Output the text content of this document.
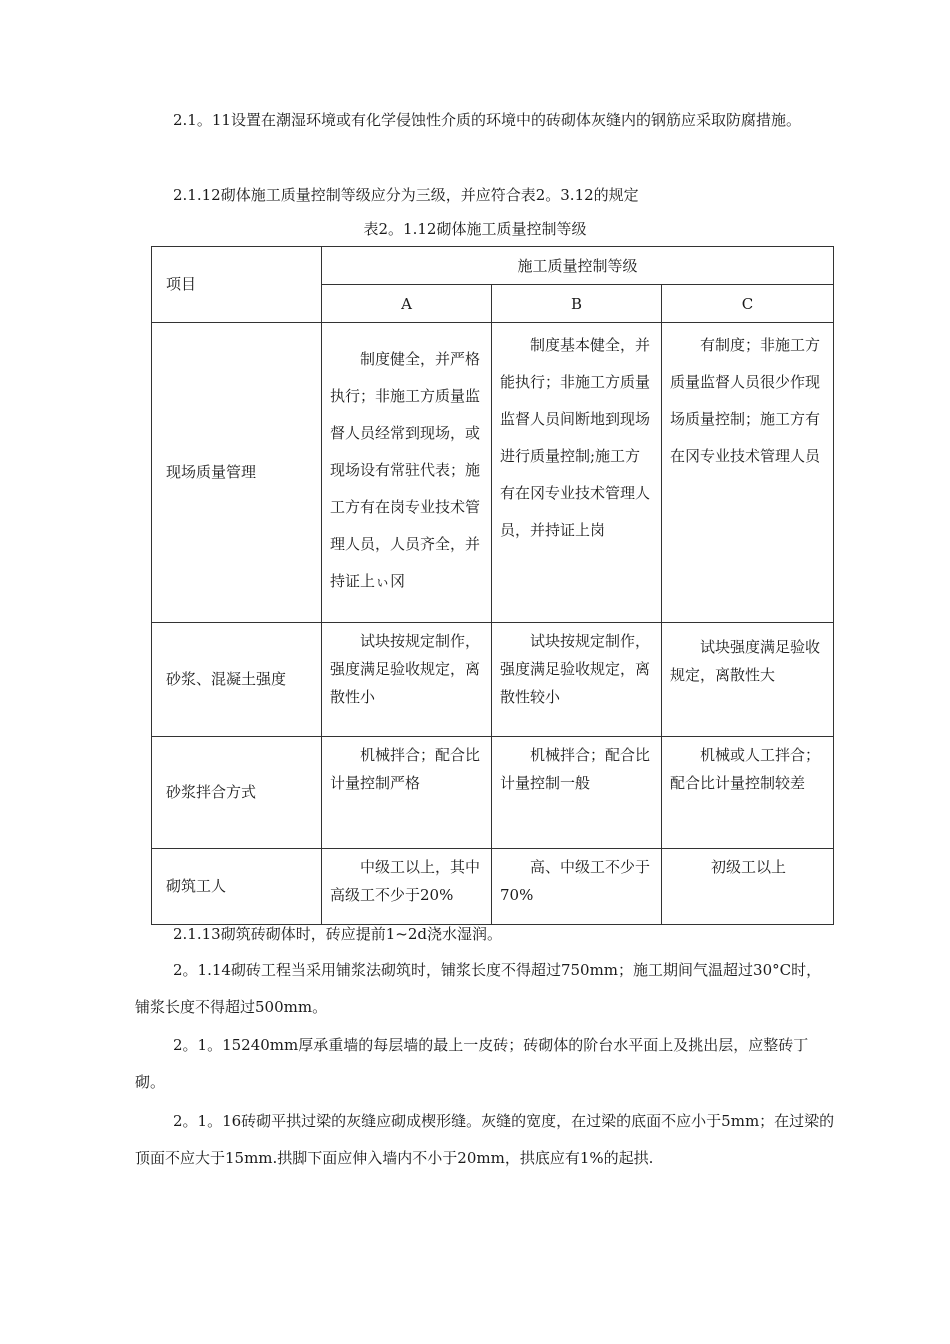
2.1。11设置在潮湿环境或有化学侵蚀性介质的环境中的砖砌体灰缝内的钢筋应采取防腐措施。

2.1.12砌体施工质量控制等级应分为三级，并应符合表2。3.12的规定

表2。1.12砌体施工质量控制等级
项目	施工质量控制等级		
	A	B	C
现场质量管理	制度健全，并严格执行；非施工方质量监督人员经常到现场，或现场设有常驻代表；施工方有在岗专业技术管理人员，人员齐全，并持证上ぃ冈	制度基本健全，并能执行；非施工方质量监督人员间断地到现场进行质量控制;施工方有在冈专业技术管理人员，并持证上岗	有制度；非施工方质量监督人员很少作现场质量控制；施工方有在冈专业技术管理人员

砂浆、混凝土强度	试块按规定制作，强度满足验收规定，离散性小	试块按规定制作，强度满足验收规定，离散性较小	试块强度满足验收规定，离散性大

砂浆拌合方式	机械拌合；配合比计量控制严格	机械拌合；配合比计量控制一般	机械或人工拌合；配合比计量控制较差

砌筑工人	中级工以上，其中高级工不少于20%	高、中级工不少于70%	初级工以上

2.1.13砌筑砖砌体时，砖应提前1~2d浇水湿润。

2。1.14砌砖工程当采用铺浆法砌筑时，铺浆长度不得超过750mm；施工期间气温超过30°C时，铺浆长度不得超过500mm。

2。1。15240mm厚承重墙的每层墙的最上一皮砖；砖砌体的阶台水平面上及挑出层，应整砖丁砌。

2。1。16砖砌平拱过梁的灰缝应砌成楔形缝。灰缝的宽度，在过梁的底面不应小于5mm；在过梁的顶面不应大于15mm.拱脚下面应伸入墙内不小于20mm，拱底应有1%的起拱.
